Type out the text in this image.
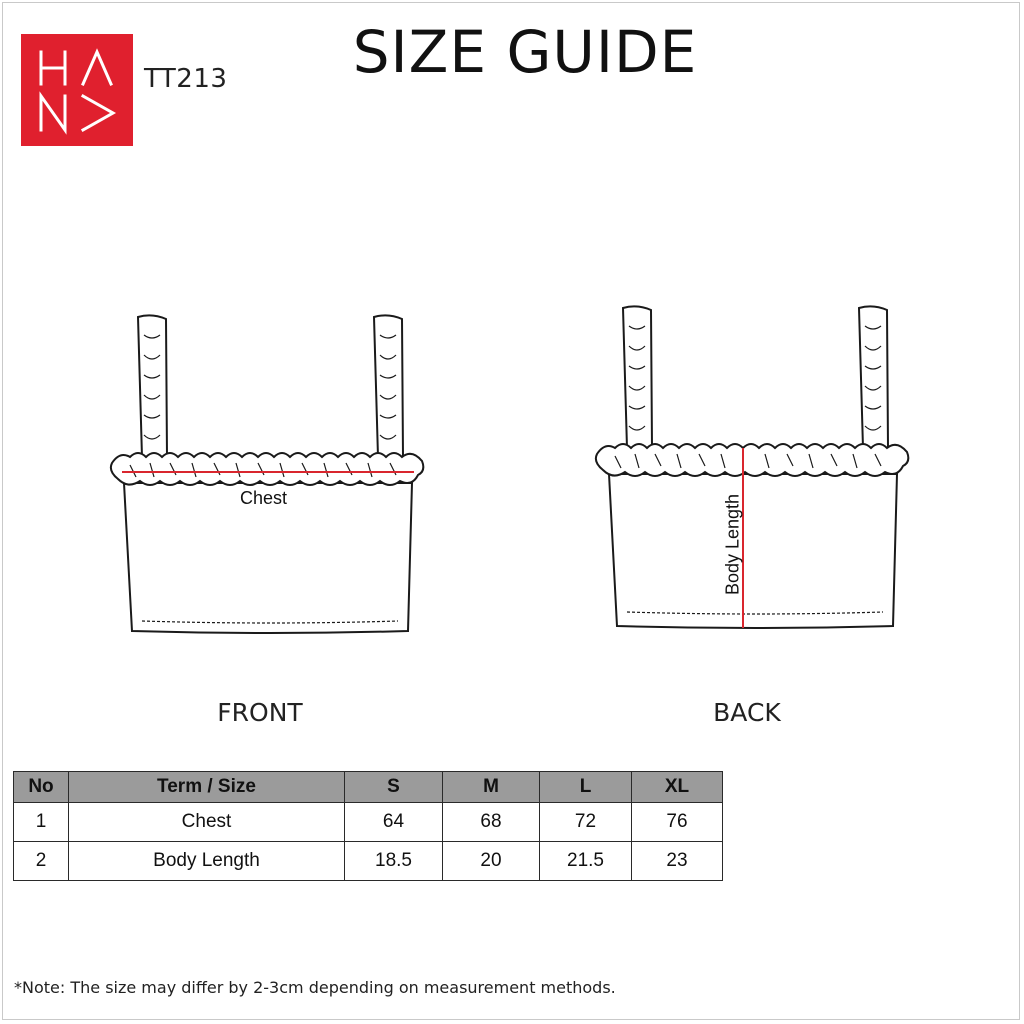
TT213	SIZE GUIDE
Chest
FRONT
Body Length
BACK
No	Term / Size	S	M	L	XL
1	Chest	64	68	72	76
2	Body Length	18.5	20	21.5	23
*Note: The size may differ by 2-3cm depending on measurement methods.
